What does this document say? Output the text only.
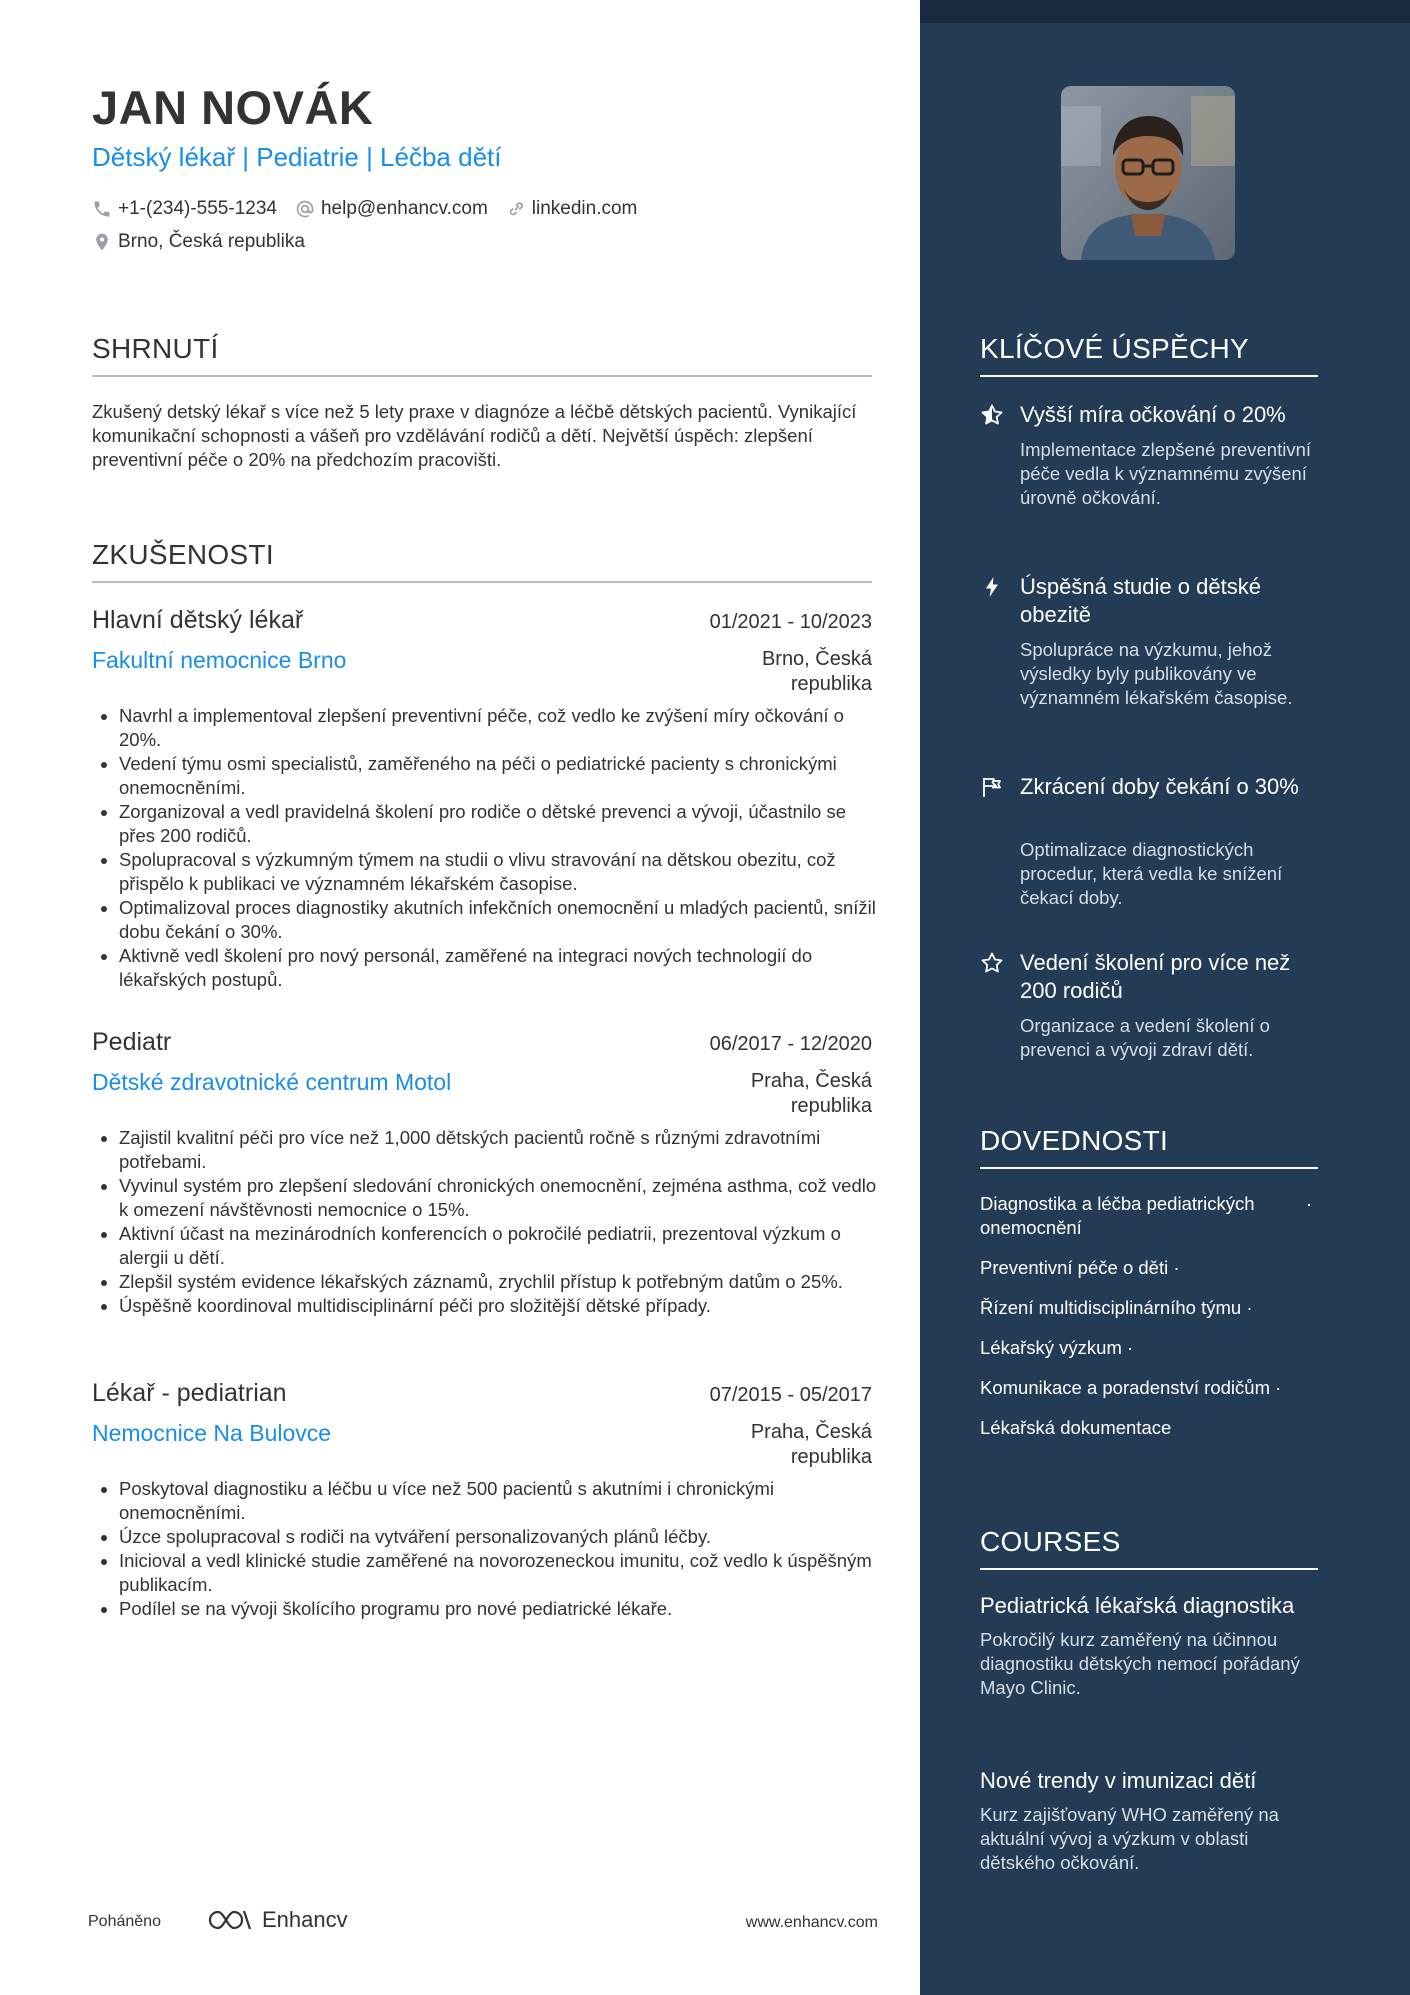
JAN NOVÁK

Dětský lékař | Pediatrie | Léčba dětí

+1-(234)-555-1234 help@enhancv.com linkedin.com
Brno, Česká republika
SHRNUTÍ

Zkušený detský lékař s více než 5 lety praxe v diagnóze a léčbě dětských pacientů. Vynikající komunikační schopnosti a vášeň pro vzdělávání rodičů a dětí. Největší úspěch: zlepšení preventivní péče o 20% na předchozím pracovišti.

ZKUŠENOSTI
Hlavní dětský lékař	01/2021 - 10/2023
Fakultní nemocnice Brno	Brno, Česká republika
• Navrhl a implementoval zlepšení preventivní péče, což vedlo ke zvýšení míry očkování o 20%.
• Vedení týmu osmi specialistů, zaměřeného na péči o pediatrické pacienty s chronickými onemocněními.
• Zorganizoval a vedl pravidelná školení pro rodiče o dětské prevenci a vývoji, účastnilo se přes 200 rodičů.
• Spolupracoval s výzkumným týmem na studii o vlivu stravování na dětskou obezitu, což přispělo k publikaci ve významném lékařském časopise.
• Optimalizoval proces diagnostiky akutních infekčních onemocnění u mladých pacientů, snížil dobu čekání o 30%.
• Aktivně vedl školení pro nový personál, zaměřené na integraci nových technologií do lékařských postupů.
Pediatr	06/2017 - 12/2020
Dětské zdravotnické centrum Motol	Praha, Česká republika
• Zajistil kvalitní péči pro více než 1,000 dětských pacientů ročně s různými zdravotními potřebami.
• Vyvinul systém pro zlepšení sledování chronických onemocnění, zejména asthma, což vedlo k omezení návštěvnosti nemocnice o 15%.
• Aktivní účast na mezinárodních konferencích o pokročilé pediatrii, prezentoval výzkum o alergii u dětí.
• Zlepšil systém evidence lékařských záznamů, zrychlil přístup k potřebným datům o 25%.
• Úspěšně koordinoval multidisciplinární péči pro složitější dětské případy.
Lékař - pediatrian	07/2015 - 05/2017
Nemocnice Na Bulovce	Praha, Česká republika
• Poskytoval diagnostiku a léčbu u více než 500 pacientů s akutními i chronickými onemocněními.
• Úzce spolupracoval s rodiči na vytváření personalizovaných plánů léčby.
• Inicioval a vedl klinické studie zaměřené na novorozeneckou imunitu, což vedlo k úspěšným publikacím.
• Podílel se na vývoji školícího programu pro nové pediatrické lékaře.
Poháněno	Enhancv	www.enhancv.com
KLÍČOVÉ ÚSPĚCHY
Vyšší míra očkování o 20%
Implementace zlepšené preventivní péče vedla k významnému zvýšení úrovně očkování.
Úspěšná studie o dětské obezitě
Spolupráce na výzkumu, jehož výsledky byly publikovány ve významném lékařském časopise.
Zkrácení doby čekání o 30%
Optimalizace diagnostických procedur, která vedla ke snížení čekací doby.
Vedení školení pro více než 200 rodičů
Organizace a vedení školení o prevenci a vývoji zdraví dětí.
DOVEDNOSTI
Diagnostika a léčba pediatrických onemocnění
·
Preventivní péče o děti ·
Řízení multidisciplinárního týmu ·
Lékařský výzkum ·
Komunikace a poradenství rodičům ·
Lékařská dokumentace
COURSES
Pediatrická lékařská diagnostika
Pokročilý kurz zaměřený na účinnou diagnostiku dětských nemocí pořádaný Mayo Clinic.
Nové trendy v imunizaci dětí
Kurz zajišťovaný WHO zaměřený na aktuální vývoj a výzkum v oblasti dětského očkování.
